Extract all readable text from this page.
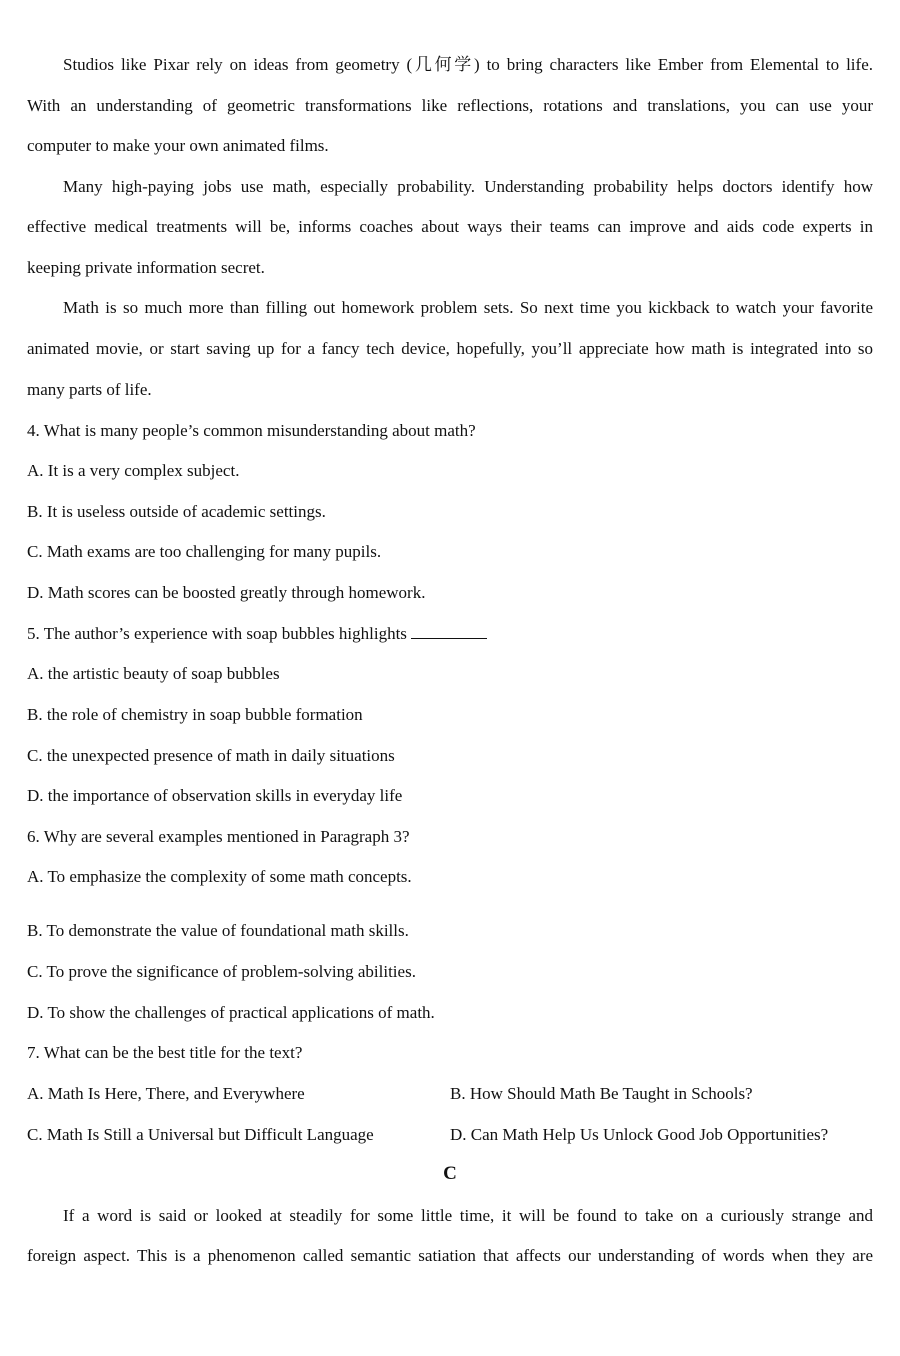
Studios like Pixar rely on ideas from geometry (几何学) to bring characters like Ember from Elemental to life.
With an understanding of geometric transformations like reflections, rotations and translations, you can use your
computer to make your own animated films.
Many high-paying jobs use math, especially probability. Understanding probability helps doctors identify how
effective medical treatments will be, informs coaches about ways their teams can improve and aids code experts in
keeping private information secret.
Math is so much more than filling out homework problem sets. So next time you kickback to watch your favorite
animated movie, or start saving up for a fancy tech device, hopefully, you’ll appreciate how math is integrated into so
many parts of life.
4. What is many people’s common misunderstanding about math?
A. It is a very complex subject.
B. It is useless outside of academic settings.
C. Math exams are too challenging for many pupils.
D. Math scores can be boosted greatly through homework.
5. The author’s experience with soap bubbles highlights
A. the artistic beauty of soap bubbles
B. the role of chemistry in soap bubble formation
C. the unexpected presence of math in daily situations
D. the importance of observation skills in everyday life
6. Why are several examples mentioned in Paragraph 3?
A. To emphasize the complexity of some math concepts.
B. To demonstrate the value of foundational math skills.
C. To prove the significance of problem-solving abilities.
D. To show the challenges of practical applications of math.
7. What can be the best title for the text?
A. Math Is Here, There, and Everywhere	B. How Should Math Be Taught in Schools?
C. Math Is Still a Universal but Difficult Language	D. Can Math Help Us Unlock Good Job Opportunities?
C
If a word is said or looked at steadily for some little time, it will be found to take on a curiously strange and
foreign aspect. This is a phenomenon called semantic satiation that affects our understanding of words when they are
